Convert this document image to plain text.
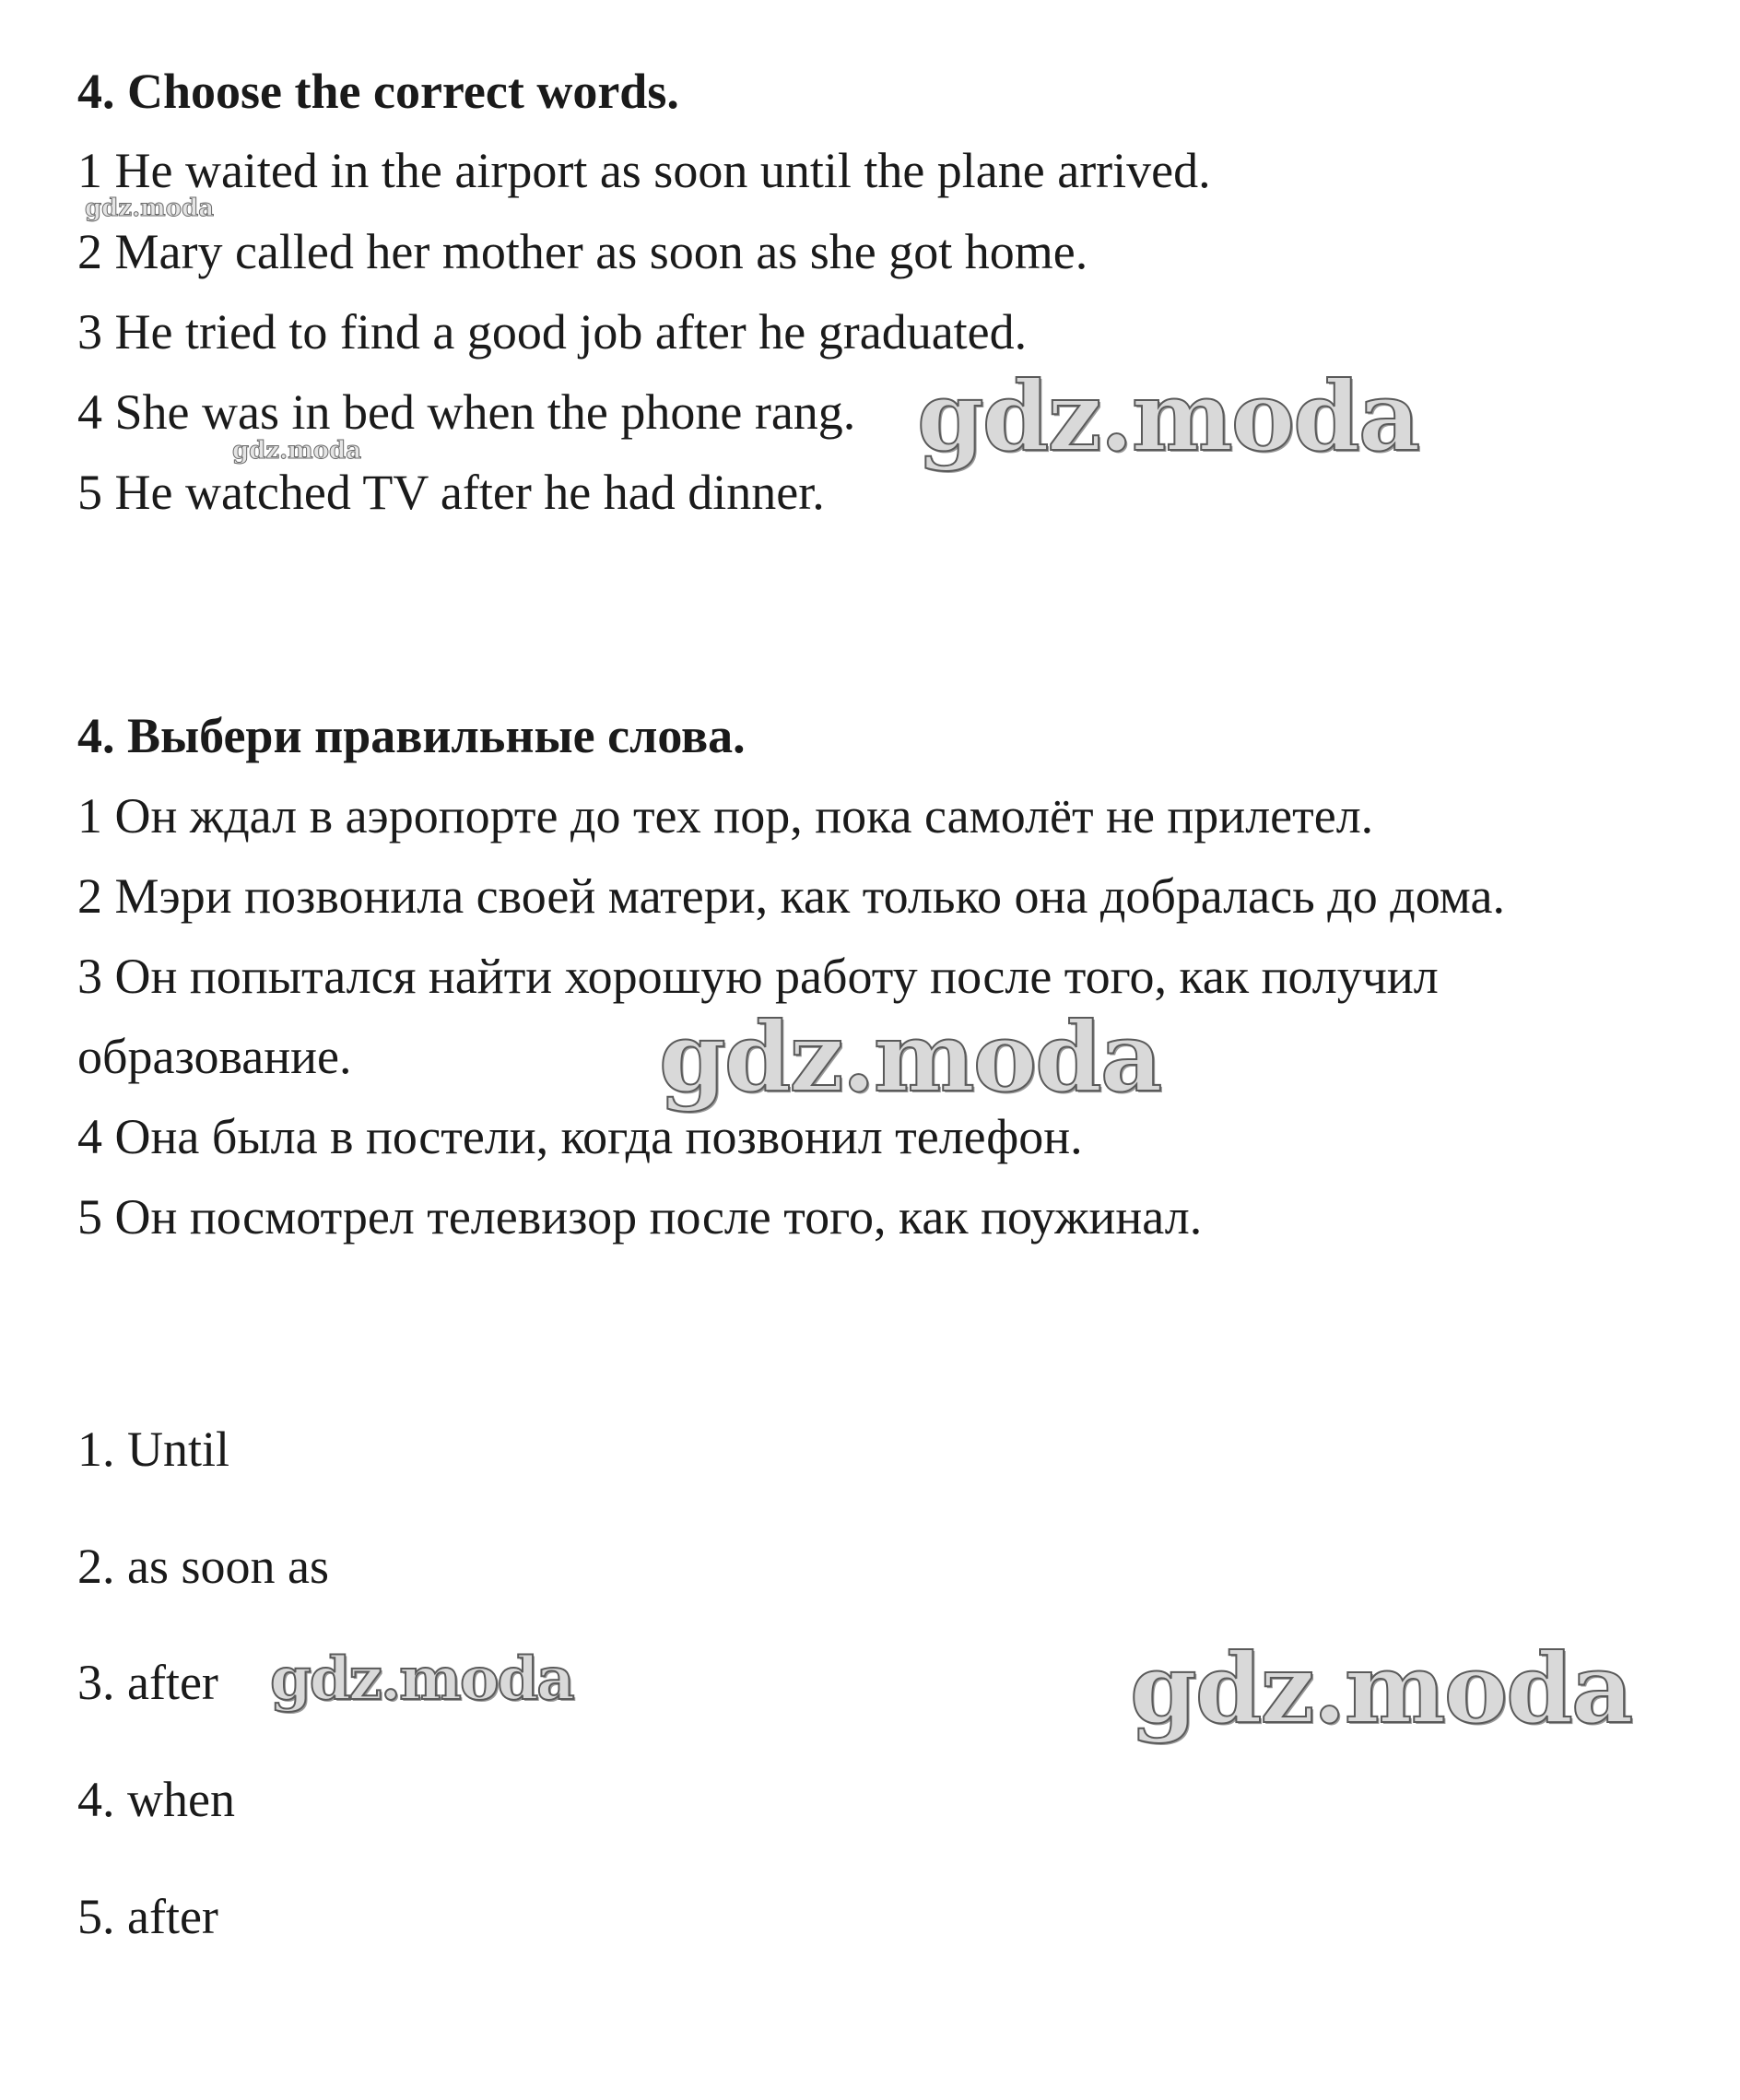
4. Choose the correct words.
1 He waited in the airport as soon until the plane arrived.
2 Mary called her mother as soon as she got home.
3 He tried to find a good job after he graduated.
4 She was in bed when the phone rang.
5 He watched TV after he had dinner.
4. Выбери правильные слова.
1 Он ждал в аэропорте до тех пор, пока самолёт не прилетел.
2 Мэри позвонила своей матери, как только она добралась до дома.
3 Он попытался найти хорошую работу после того, как получил
образование.
4 Она была в постели, когда позвонил телефон.
5 Он посмотрел телевизор после того, как поужинал.
1. Until
2. as soon as
3. after
4. when
5. after
gdz.moda
gdz.moda	gdz.moda
gdz.moda
gdz.moda	gdz.moda
